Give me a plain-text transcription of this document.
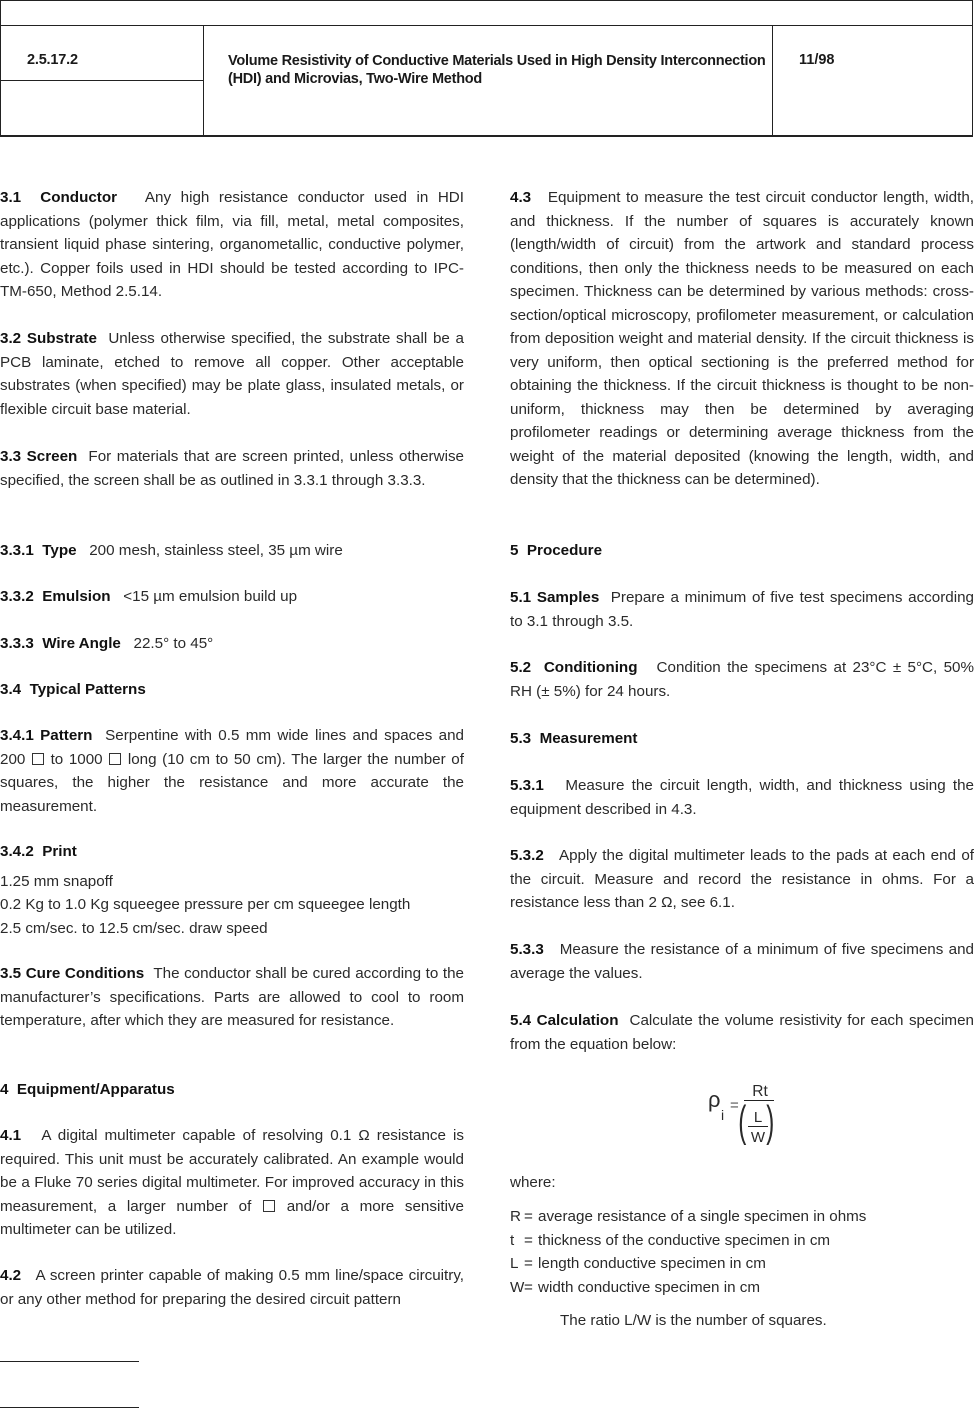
2.5.17.2	Volume Resistivity of Conductive Materials Used in High Density Interconnection (HDI) and Microvias, Two-Wire Method
11/98

3.1 Conductor Any high resistance conductor used in HDI applications (polymer thick film, via fill, metal, metal composites, transient liquid phase sintering, organometallic, conductive polymer, etc.). Copper foils used in HDI should be tested according to IPC-TM-650, Method 2.5.14.

3.2 Substrate Unless otherwise specified, the substrate shall be a PCB laminate, etched to remove all copper. Other acceptable substrates (when specified) may be plate glass, insulated metals, or flexible circuit base material.

3.3 Screen For materials that are screen printed, unless otherwise specified, the screen shall be as outlined in 3.3.1 through 3.3.3.

3.3.1 Type 200 mesh, stainless steel, 35 µm wire

3.3.2 Emulsion <15 µm emulsion build up

3.3.3 Wire Angle 22.5° to 45°

3.4 Typical Patterns

3.4.1 Pattern Serpentine with 0.5 mm wide lines and spaces and 200 to 1000 long (10 cm to 50 cm). The larger the number of squares, the higher the resistance and more accurate the measurement.

3.4.2 Print

1.25 mm snapoff
0.2 Kg to 1.0 Kg squeegee pressure per cm squeegee length
2.5 cm/sec. to 12.5 cm/sec. draw speed

3.5 Cure Conditions The conductor shall be cured according to the manufacturer’s specifications. Parts are allowed to cool to room temperature, after which they are measured for resistance.

4 Equipment/Apparatus

4.1 A digital multimeter capable of resolving 0.1 Ω resistance is required. This unit must be accurately calibrated. An example would be a Fluke 70 series digital multimeter. For improved accuracy in this measurement, a larger number of and/or a more sensitive multimeter can be utilized.

4.2 A screen printer capable of making 0.5 mm line/space circuitry, or any other method for preparing the desired circuit pattern

4.3 Equipment to measure the test circuit conductor length, width, and thickness. If the number of squares is accurately known (length/width of circuit) from the artwork and standard process conditions, then only the thickness needs to be measured on each specimen. Thickness can be determined by various methods: cross-section/optical microscopy, profilometer measurement, or calculation from deposition weight and material density. If the circuit thickness is very uniform, then optical sectioning is the preferred method for obtaining the thickness. If the circuit thickness is thought to be non-uniform, thickness may then be determined by averaging profilometer readings or determining average thickness from the weight of the material deposited (knowing the length, width, and density that the thickness can be determined).

5 Procedure

5.1 Samples Prepare a minimum of five test specimens according to 3.1 through 3.5.

5.2 Conditioning Condition the specimens at 23°C ± 5°C, 50% RH (± 5%) for 24 hours.

5.3 Measurement

5.3.1 Measure the circuit length, width, and thickness using the equipment described in 4.3.

5.3.2 Apply the digital multimeter leads to the pads at each end of the circuit. Measure and record the resistance in ohms. For a resistance less than 2 Ω, see 6.1.

5.3.3 Measure the resistance of a minimum of five specimens and average the values.

5.4 Calculation Calculate the volume resistivity for each specimen from the equation below:

ρ
i
=
Rt
( L
W )

where:

R = average resistance of a single specimen in ohms
t = thickness of the conductive specimen in cm
L = length conductive specimen in cm
W = width conductive specimen in cm
The ratio L/W is the number of squares.
